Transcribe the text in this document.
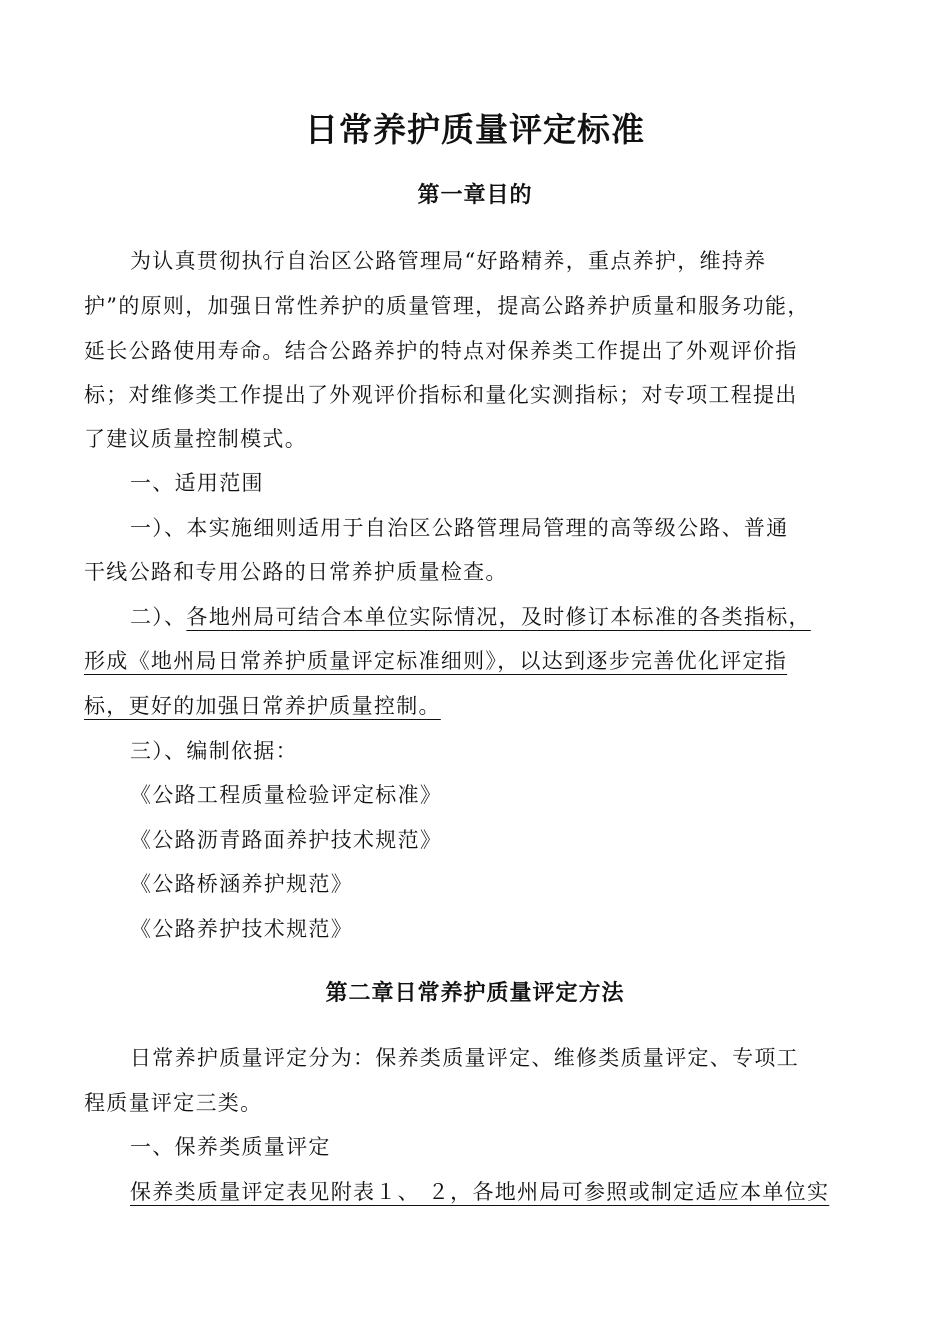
日常养护质量评定标准
第一章目的
为认真贯彻执行自治区公路管理局“好路精养，重点养护，维持养
护”的原则，加强日常性养护的质量管理，提高公路养护质量和服务功能，
延长公路使用寿命。结合公路养护的特点对保养类工作提出了外观评价指
标；对维修类工作提出了外观评价指标和量化实测指标；对专项工程提出
了建议质量控制模式。
一、适用范围
一）、本实施细则适用于自治区公路管理局管理的高等级公路、普通
干线公路和专用公路的日常养护质量检查。
二）、各地州局可结合本单位实际情况，及时修订本标准的各类指标，
形成《地州局日常养护质量评定标准细则》，以达到逐步完善优化评定指
标，更好的加强日常养护质量控制。
三）、编制依据：
《公路工程质量检验评定标准》
《公路沥青路面养护技术规范》
《公路桥涵养护规范》
《公路养护技术规范》
第二章日常养护质量评定方法
日常养护质量评定分为：保养类质量评定、维修类质量评定、专项工
程质量评定三类。
一、保养类质量评定
保养类质量评定表见附表１、 ２，各地州局可参照或制定适应本单位实
